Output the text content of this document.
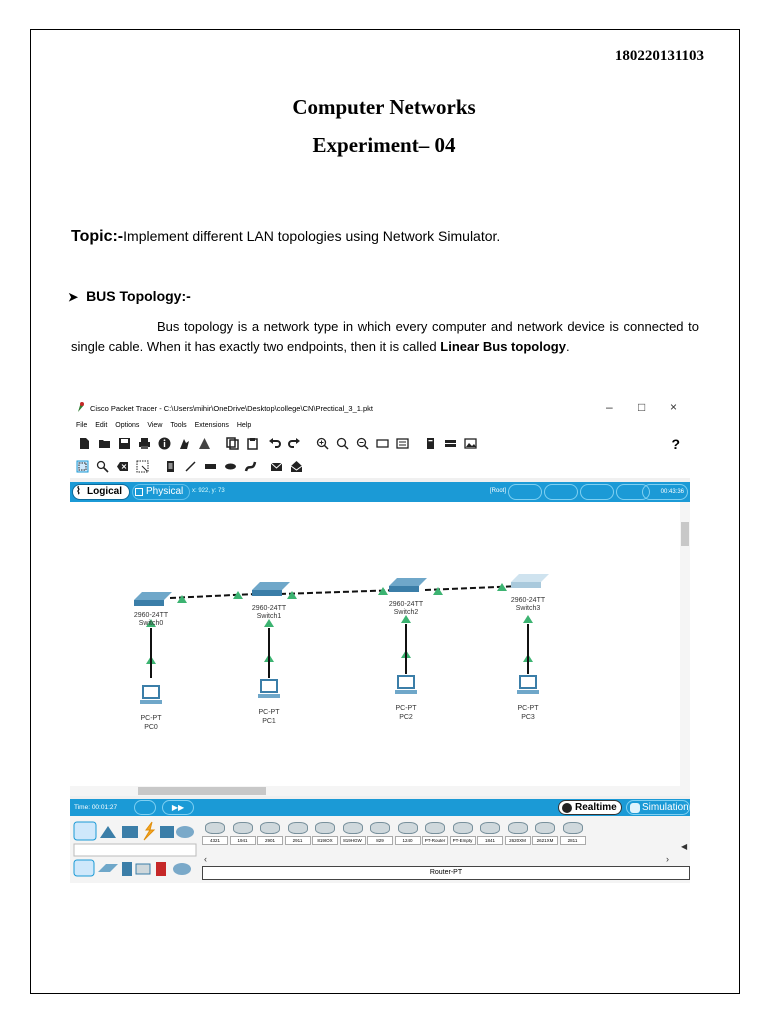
180220131103
Computer Networks
Experiment– 04
Topic:-Implement different LAN topologies using Network Simulator.
➤ BUS Topology:-
Bus topology is a network type in which every computer and network device is connected to single cable. When it has exactly two endpoints, then it is called Linear Bus topology.
Cisco Packet Tracer - C:\Users\mihir\OneDrive\Desktop\college\CN\Prectical_3_1.pkt	– □ ×
File Edit Options View Tools Extensions Help
?
⌇ Logical	Physical	x: 922, y: 73	[Root]	00:43:36
2960-24TT
Switch0
2960-24TT
Switch1
2960-24TT
Switch2
2960-24TT
Switch3
PC-PT
PC0
PC-PT
PC1
PC-PT
PC2
PC-PT
PC3
Time: 00:01:27	▶▶	Realtime	Simulation
4321	1941	2901	2911	819IOX	819HGW	829	1240	PT-Router	PT-Empty	1841	2620XM	2621XM	2811
‹	›
◀
Router-PT
